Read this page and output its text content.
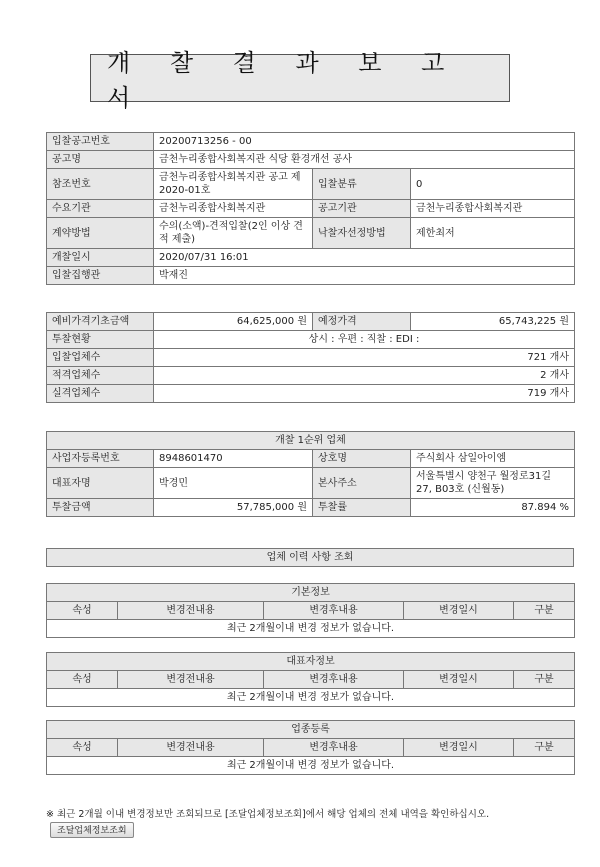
개 찰 결 과 보 고 서
입찰공고번호	20200713256 - 00		
공고명	금천누리종합사회복지관 식당 환경개선 공사		
참조번호	금천누리종합사회복지관 공고 제2020-01호	입찰분류	0
수요기관	금천누리종합사회복지관	공고기관	금천누리종합사회복지관
계약방법	수의(소액)-견적입찰(2인 이상 견적 제출)	낙찰자선정방법	제한최저
개찰일시	2020/07/31 16:01		
입찰집행관	박재진		
예비가격기초금액	64,625,000 원	예정가격	65,743,225 원
투찰현황	상시 : 우편 : 직찰 : EDI :		
입찰업체수	721 개사		
적격업체수	2 개사		
실격업체수	719 개사		
개찰 1순위 업체			
사업자등록번호	8948601470	상호명	주식회사 삼일아이엠
대표자명	박경민	본사주소	서울특별시 양천구 월정로31길 27, B03호 (신월동)
투찰금액	57,785,000 원	투찰률	87.894 %
업체 이력 사항 조회
기본정보
속성	변경전내용	변경후내용	변경일시	구분
최근 2개월이내 변경 정보가 없습니다.
대표자정보
속성	변경전내용	변경후내용	변경일시	구분
최근 2개월이내 변경 정보가 없습니다.
업종등록
속성	변경전내용	변경후내용	변경일시	구분
최근 2개월이내 변경 정보가 없습니다.
※ 최근 2개월 이내 변경정보만 조회되므로 [조달업체정보조회]에서 해당 업체의 전체 내역을 확인하십시오.
조달업체정보조회
